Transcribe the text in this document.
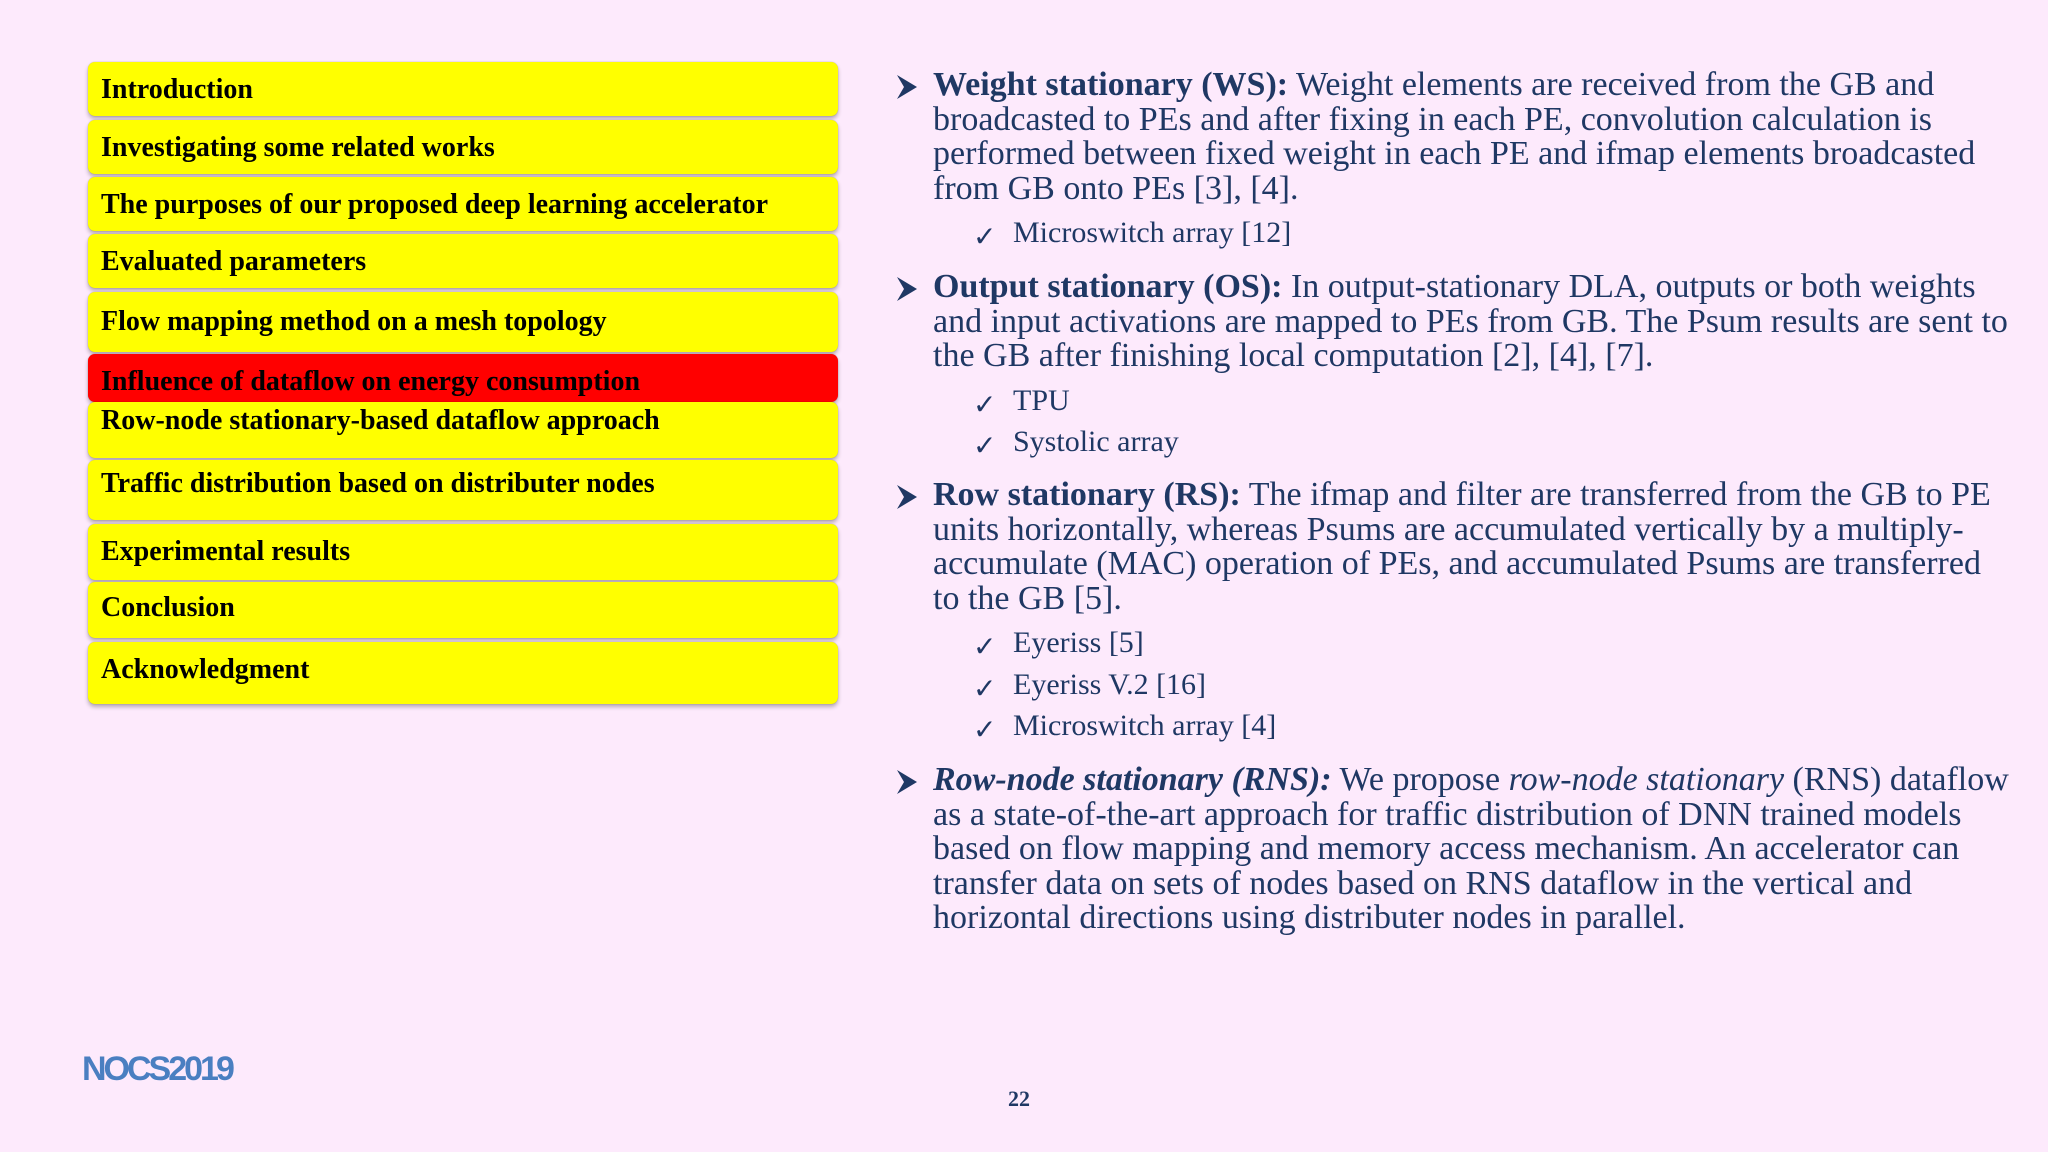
Introduction
Investigating some related works
The purposes of our proposed deep learning accelerator
Evaluated parameters
Flow mapping method on a mesh topology
Influence of dataflow on energy consumption
Row-node stationary-based dataflow approach
Traffic distribution based on distributer nodes
Experimental results
Conclusion
Acknowledgment
Weight stationary (WS): Weight elements are received from the GB and broadcasted to PEs and after fixing in each PE, convolution calculation is performed between fixed weight in each PE and ifmap elements broadcasted from GB onto PEs [3], [4].
✓ Microswitch array [12]
Output stationary (OS): In output-stationary DLA, outputs or both weights and input activations are mapped to PEs from GB. The Psum results are sent to the GB after finishing local computation [2], [4], [7].
✓ TPU
✓ Systolic array
Row stationary (RS): The ifmap and filter are transferred from the GB to PE units horizontally, whereas Psums are accumulated vertically by a multiply-accumulate (MAC) operation of PEs, and accumulated Psums are transferred to the GB [5].
✓ Eyeriss [5]
✓ Eyeriss V.2 [16]
✓ Microswitch array [4]
Row-node stationary (RNS): We propose row-node stationary (RNS) dataflow as a state-of-the-art approach for traffic distribution of DNN trained models based on flow mapping and memory access mechanism. An accelerator can transfer data on sets of nodes based on RNS dataflow in the vertical and horizontal directions using distributer nodes in parallel.
NOCS2019
22
